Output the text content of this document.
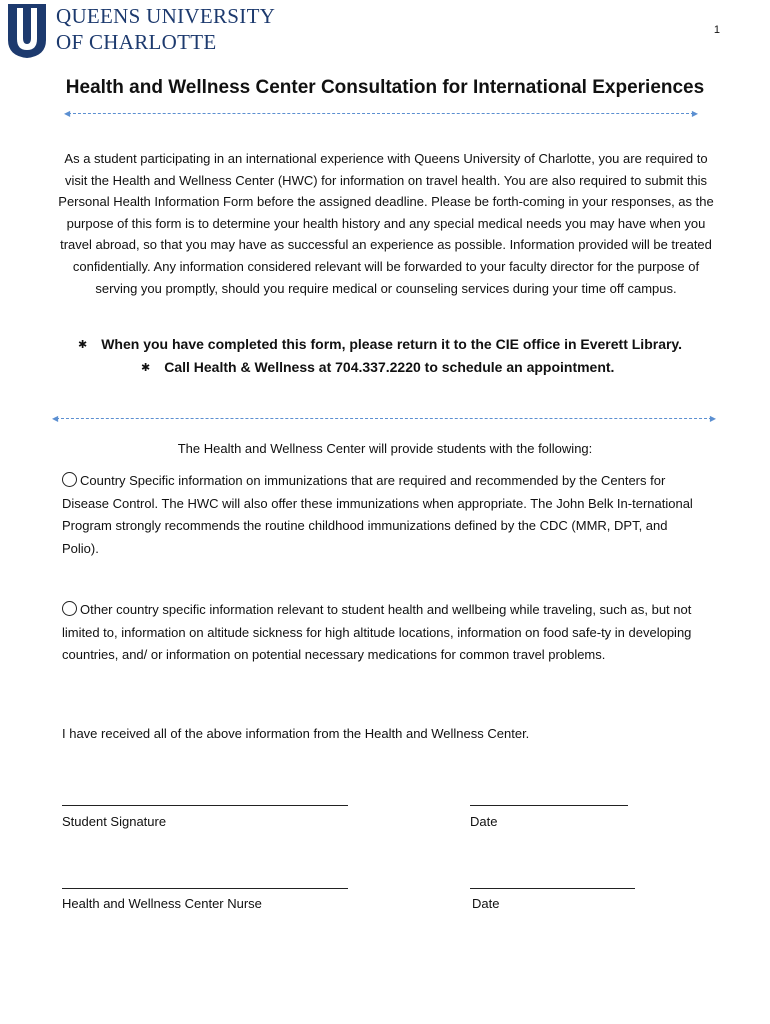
QUEENS UNIVERSITY
OF CHARLOTTE	1
Health and Wellness Center Consultation for International Experiences
◀	▶
As a student participating in an international experience with Queens University of Charlotte, you are required to visit the Health and Wellness Center (HWC) for information on travel health. You are also required to submit this Personal Health Information Form before the assigned deadline. Please be forth-coming in your responses, as the purpose of this form is to determine your health history and any special medical needs you may have when you travel abroad, so that you may have as successful an experience as possible. Information provided will be treated confidentially. Any information considered relevant will be forwarded to your faculty director for the purpose of serving you promptly, should you require medical or counseling services during your time off campus.
✱ When you have completed this form, please return it to the CIE office in Everett Library.
✱ Call Health & Wellness at 704.337.2220 to schedule an appointment.
◀	▶
The Health and Wellness Center will provide students with the following:
Country Specific information on immunizations that are required and recommended by the Centers for Disease Control. The HWC will also offer these immunizations when appropriate. The John Belk In-ternational Program strongly recommends the routine childhood immunizations defined by the CDC (MMR, DPT, and Polio).
Other country specific information relevant to student health and wellbeing while traveling, such as, but not limited to, information on altitude sickness for high altitude locations, information on food safe-ty in developing countries, and/ or information on potential necessary medications for common travel problems.
I have received all of the above information from the Health and Wellness Center.
Student Signature	Date
Health and Wellness Center Nurse	Date
